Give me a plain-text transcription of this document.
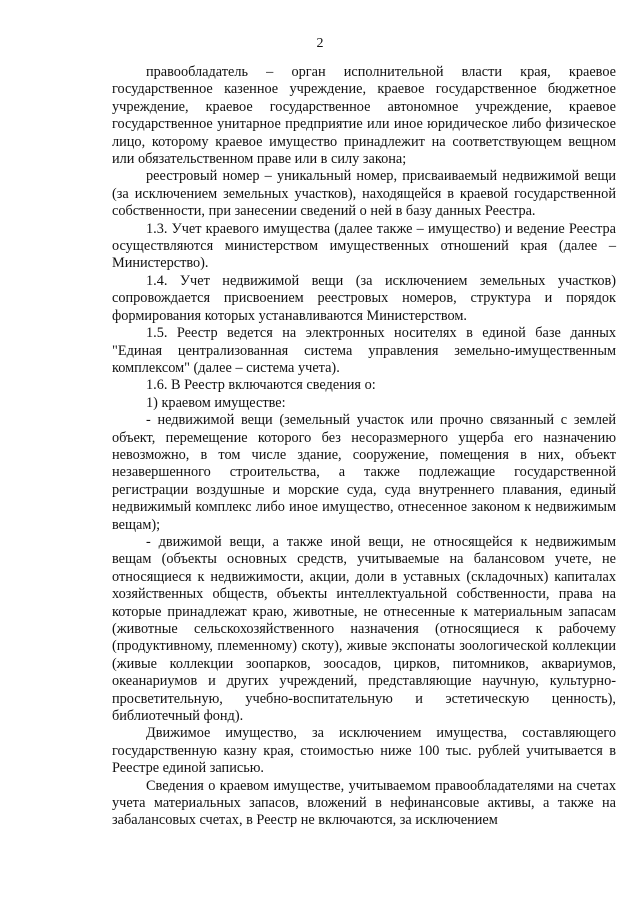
2

правообладатель – орган исполнительной власти края, краевое государственное казенное учреждение, краевое государственное бюджетное учреждение, краевое государственное автономное учреждение, краевое государственное унитарное предприятие или иное юридическое либо физическое лицо, которому краевое имущество принадлежит на соответствующем вещном или обязательственном праве или в силу закона;

реестровый номер – уникальный номер, присваиваемый недвижимой вещи (за исключением земельных участков), находящейся в краевой государственной собственности, при занесении сведений о ней в базу данных Реестра.

1.3. Учет краевого имущества (далее также – имущество) и ведение Реестра осуществляются министерством имущественных отношений края (далее – Министерство).

1.4. Учет недвижимой вещи (за исключением земельных участков) сопровождается присвоением реестровых номеров, структура и порядок формирования которых устанавливаются Министерством.

1.5. Реестр ведется на электронных носителях в единой базе данных "Единая централизованная система управления земельно-имущественным комплексом" (далее – система учета).

1.6. В Реестр включаются сведения о:

1) краевом имуществе:

- недвижимой вещи (земельный участок или прочно связанный с землей объект, перемещение которого без несоразмерного ущерба его назначению невозможно, в том числе здание, сооружение, помещения в них, объект незавершенного строительства, а также подлежащие государственной регистрации воздушные и морские суда, суда внутреннего плавания, единый недвижимый комплекс либо иное имущество, отнесенное законом к недвижимым вещам);

- движимой вещи, а также иной вещи, не относящейся к недвижимым вещам (объекты основных средств, учитываемые на балансовом учете, не относящиеся к недвижимости, акции, доли в уставных (складочных) капиталах хозяйственных обществ, объекты интеллектуальной собственности, права на которые принадлежат краю, животные, не отнесенные к материальным запасам (животные сельскохозяйственного назначения (относящиеся к рабочему (продуктивному, племенному) скоту), живые экспонаты зоологической коллекции (живые коллекции зоопарков, зоосадов, цирков, питомников, аквариумов, океанариумов и других учреждений, представляющие научную, культурно-просветительную, учебно-воспитательную и эстетическую ценность), библиотечный фонд).

Движимое имущество, за исключением имущества, составляющего государственную казну края, стоимостью ниже 100 тыс. рублей учитывается в Реестре единой записью.

Сведения о краевом имуществе, учитываемом правообладателями на счетах учета материальных запасов, вложений в нефинансовые активы, а также на забалансовых счетах, в Реестр не включаются, за исключением
